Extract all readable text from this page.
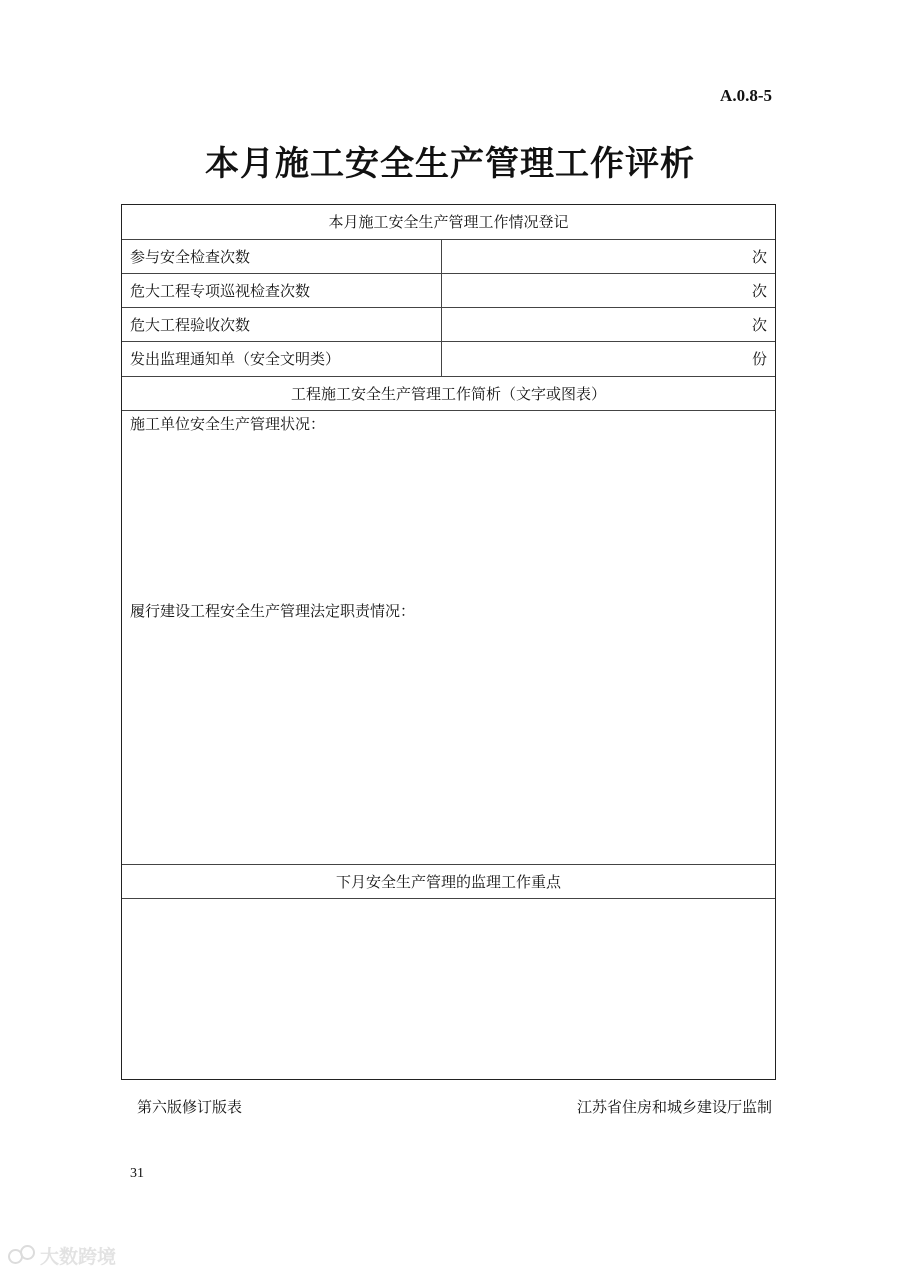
A.0.8-5
本月施工安全生产管理工作评析
本月施工安全生产管理工作情况登记
参与安全检查次数	次
危大工程专项巡视检查次数	次
危大工程验收次数	次
发出监理通知单（安全文明类）	份
工程施工安全生产管理工作简析（文字或图表）
施工单位安全生产管理状况：
履行建设工程安全生产管理法定职责情况：
下月安全生产管理的监理工作重点
第六版修订版表	江苏省住房和城乡建设厅监制
31
大数跨境
